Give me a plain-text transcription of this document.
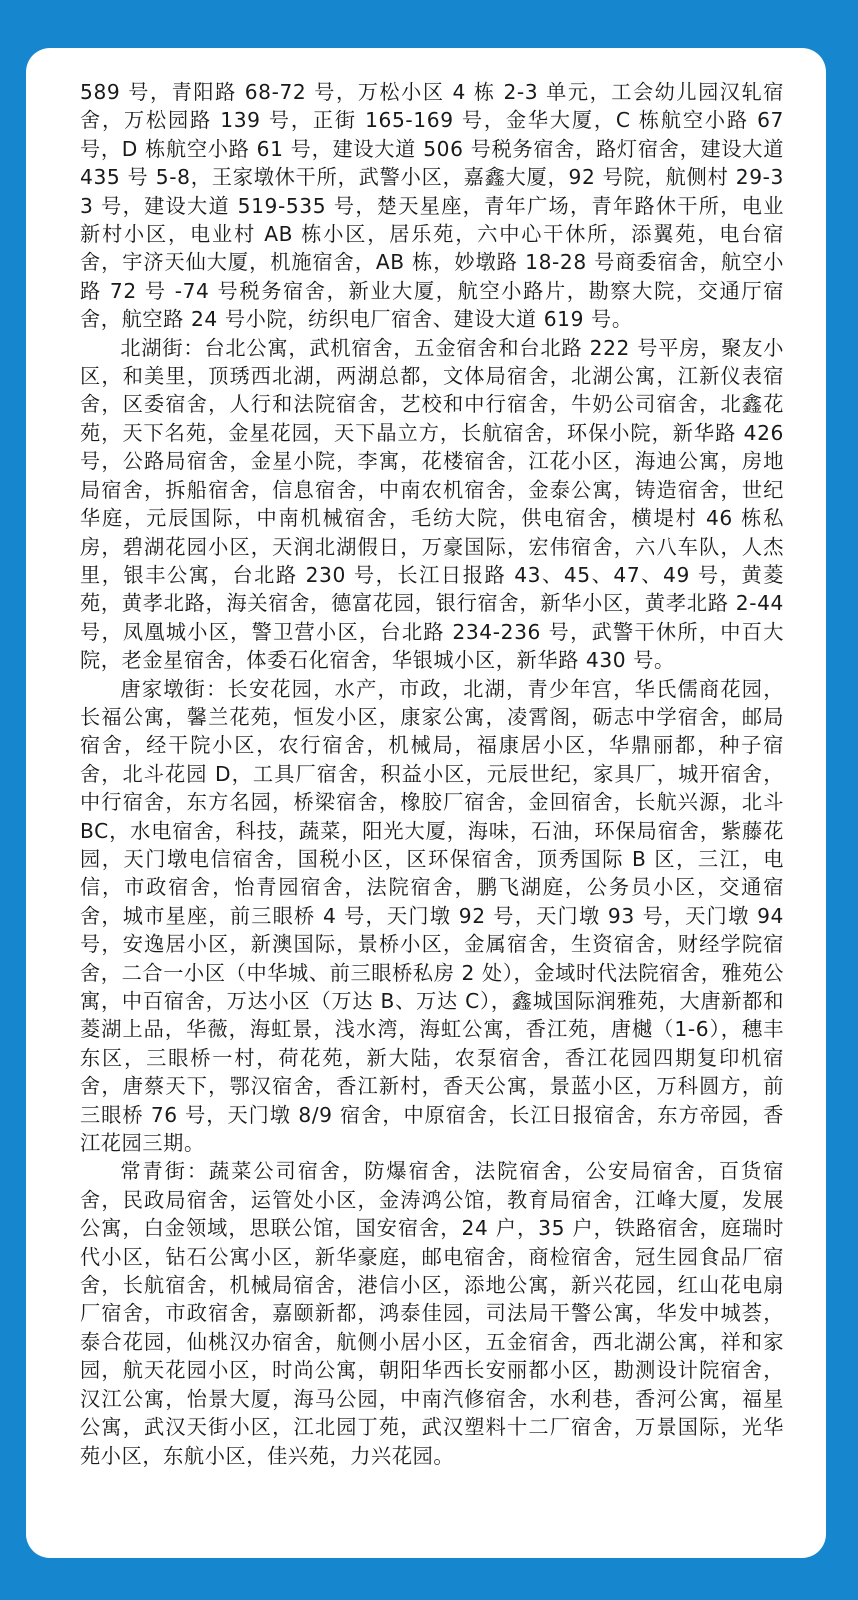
589 号，青阳路 68-72 号，万松小区 4 栋 2-3 单元，工会幼儿园汉轧宿舍，万松园路 139 号，正街 165-169 号，金华大厦，C 栋航空小路 67 号，D 栋航空小路 61 号，建设大道 506 号税务宿舍，路灯宿舍，建设大道 435 号 5-8，王家墩休干所，武警小区，嘉鑫大厦，92 号院，航侧村 29-33 号，建设大道 519-535 号，楚天星座，青年广场，青年路休干所，电业新村小区，电业村 AB 栋小区，居乐苑，六中心干休所，添翼苑，电台宿舍，宇济天仙大厦，机施宿舍，AB 栋，妙墩路 18-28 号商委宿舍，航空小路 72 号 -74 号税务宿舍，新业大厦，航空小路片，勘察大院，交通厅宿舍，航空路 24 号小院，纺织电厂宿舍、建设大道 619 号。

北湖街：台北公寓，武机宿舍，五金宿舍和台北路 222 号平房，聚友小区，和美里，顶琇西北湖，两湖总都，文体局宿舍，北湖公寓，江新仪表宿舍，区委宿舍，人行和法院宿舍，艺校和中行宿舍，牛奶公司宿舍，北鑫花苑，天下名苑，金星花园，天下晶立方，长航宿舍，环保小院，新华路 426 号，公路局宿舍，金星小院，李寓，花楼宿舍，江花小区，海迪公寓，房地局宿舍，拆船宿舍，信息宿舍，中南农机宿舍，金泰公寓，铸造宿舍，世纪华庭，元辰国际，中南机械宿舍，毛纺大院，供电宿舍，横堤村 46 栋私房，碧湖花园小区，天润北湖假日，万豪国际，宏伟宿舍，六八车队，人杰里，银丰公寓，台北路 230 号，长江日报路 43、45、47、49 号，黄菱苑，黄孝北路，海关宿舍，德富花园，银行宿舍，新华小区，黄孝北路 2-44 号，凤凰城小区，警卫营小区，台北路 234-236 号，武警干休所，中百大院，老金星宿舍，体委石化宿舍，华银城小区，新华路 430 号。

唐家墩街：长安花园，水产，市政，北湖，青少年宫，华氏儒商花园，长福公寓，馨兰花苑，恒发小区，康家公寓，凌霄阁，砺志中学宿舍，邮局宿舍，经干院小区，农行宿舍，机械局，福康居小区，华鼎丽都，种子宿舍，北斗花园 D，工具厂宿舍，积益小区，元辰世纪，家具厂，城开宿舍，中行宿舍，东方名园，桥梁宿舍，橡胶厂宿舍，金回宿舍，长航兴源，北斗 BC，水电宿舍，科技，蔬菜，阳光大厦，海味，石油，环保局宿舍，紫藤花园，天门墩电信宿舍，国税小区，区环保宿舍，顶秀国际 B 区，三江，电信，市政宿舍，怡青园宿舍，法院宿舍，鹏飞湖庭，公务员小区，交通宿舍，城市星座，前三眼桥 4 号，天门墩 92 号，天门墩 93 号，天门墩 94 号，安逸居小区，新澳国际，景桥小区，金属宿舍，生资宿舍，财经学院宿舍，二合一小区（中华城、前三眼桥私房 2 处），金域时代法院宿舍，雅苑公寓，中百宿舍，万达小区（万达 B、万达 C），鑫城国际润雅苑，大唐新都和菱湖上品，华薇，海虹景，浅水湾，海虹公寓，香江苑，唐樾（1-6），穗丰东区，三眼桥一村，荷花苑，新大陆，农泵宿舍，香江花园四期复印机宿舍，唐蔡天下，鄂汉宿舍，香江新村，香天公寓，景蓝小区，万科圆方，前三眼桥 76 号，天门墩 8/9 宿舍，中原宿舍，长江日报宿舍，东方帝园，香江花园三期。

常青街：蔬菜公司宿舍，防爆宿舍，法院宿舍，公安局宿舍，百货宿舍，民政局宿舍，运管处小区，金涛鸿公馆，教育局宿舍，江峰大厦，发展公寓，白金领域，思联公馆，国安宿舍，24 户，35 户，铁路宿舍，庭瑞时代小区，钻石公寓小区，新华豪庭，邮电宿舍，商检宿舍，冠生园食品厂宿舍，长航宿舍，机械局宿舍，港信小区，添地公寓，新兴花园，红山花电扇厂宿舍，市政宿舍，嘉颐新都，鸿泰佳园，司法局干警公寓，华发中城荟，泰合花园，仙桃汉办宿舍，航侧小居小区，五金宿舍，西北湖公寓，祥和家园，航天花园小区，时尚公寓，朝阳华西长安丽都小区，勘测设计院宿舍，汉江公寓，怡景大厦，海马公园，中南汽修宿舍，水利巷，香河公寓，福星公寓，武汉天街小区，江北园丁苑，武汉塑料十二厂宿舍，万景国际，光华苑小区，东航小区，佳兴苑，力兴花园。
